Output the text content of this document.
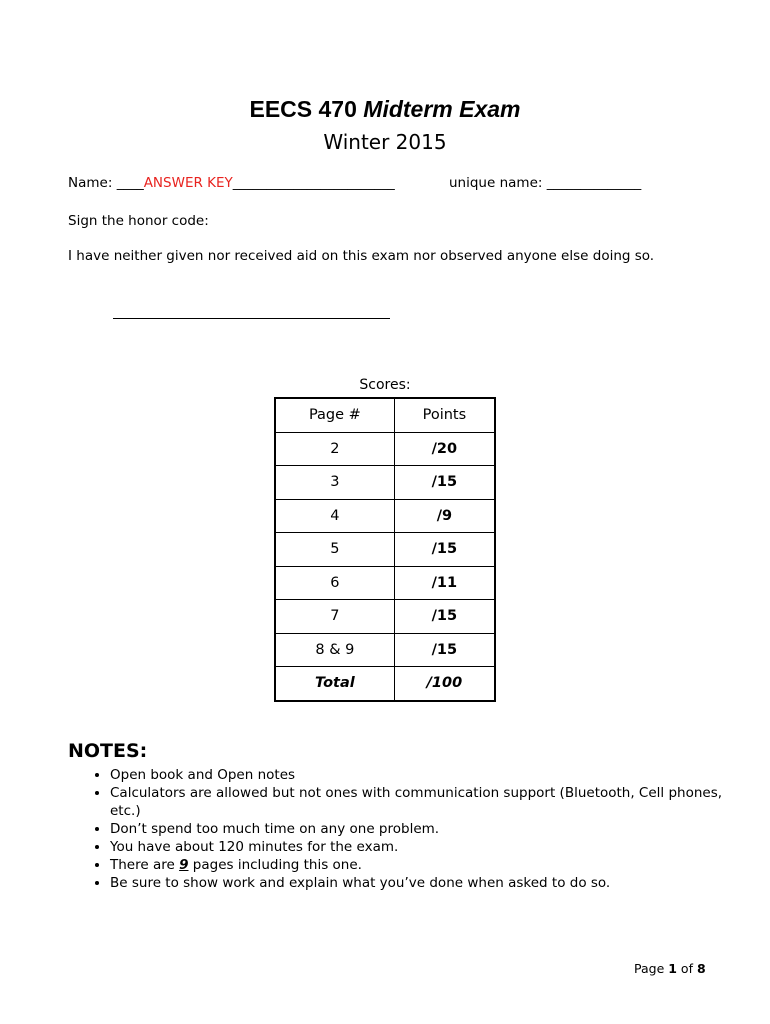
EECS 470 Midterm Exam
Winter 2015
Name: ____ANSWER KEY________________________	unique name: ______________
Sign the honor code:
I have neither given nor received aid on this exam nor observed anyone else doing so.
Scores:
Page #	Points
2	/20
3	/15
4	/9
5	/15
6	/11
7	/15
8 & 9	/15
Total	/100
NOTES:
• Open book and Open notes
• Calculators are allowed but not ones with communication support (Bluetooth, Cell phones, etc.)
• Don’t spend too much time on any one problem.
• You have about 120 minutes for the exam.
• There are 9 pages including this one.
• Be sure to show work and explain what you’ve done when asked to do so.
Page 1 of 8
